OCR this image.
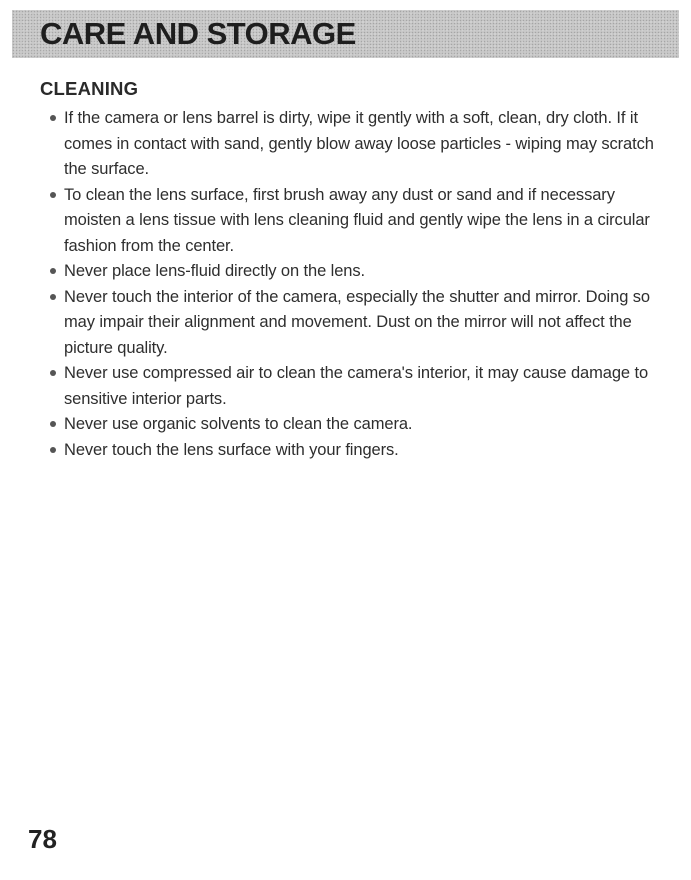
CARE AND STORAGE
CLEANING
If the camera or lens barrel is dirty, wipe it gently with a soft, clean, dry cloth. If it comes in contact with sand, gently blow away loose particles - wiping may scratch the surface.
To clean the lens surface, first brush away any dust or sand and if necessary moisten a lens tissue with lens cleaning fluid and gently wipe the lens in a circular fashion from the center.
Never place lens-fluid directly on the lens.
Never touch the interior of the camera, especially the shutter and mirror. Doing so may impair their alignment and movement. Dust on the mirror will not affect the picture quality.
Never use compressed air to clean the camera's interior, it may cause damage to sensitive interior parts.
Never use organic solvents to clean the camera.
Never touch the lens surface with your fingers.
78
